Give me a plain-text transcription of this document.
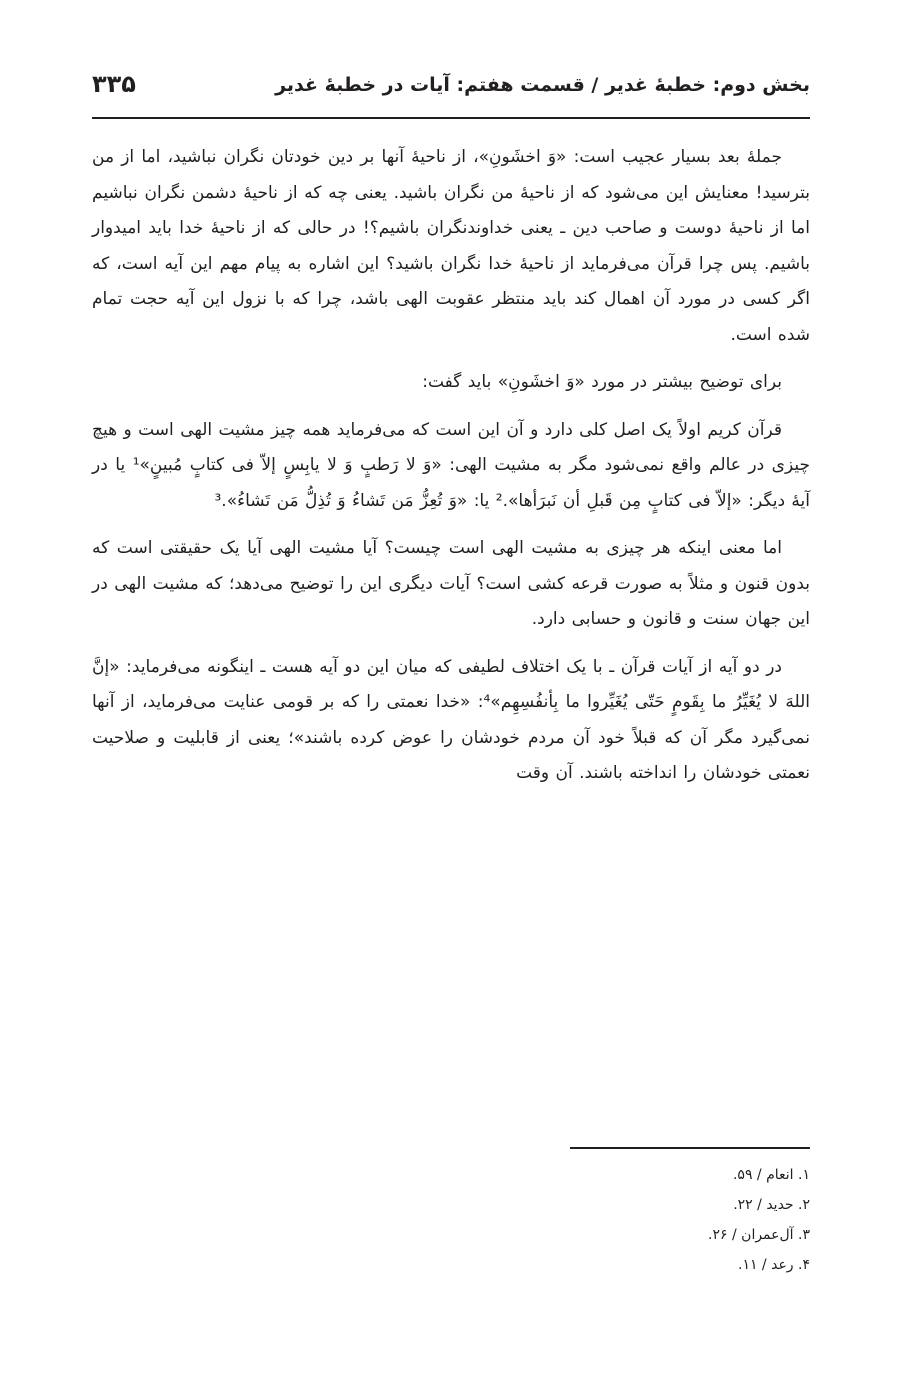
بخش دوم: خطبهٔ غدیر / قسمت هفتم: آیات در خطبهٔ غدیر
۳۳۵

جملهٔ بعد بسیار عجیب است: «وَ اخشَونِ»، از ناحیهٔ آنها بر دین خودتان نگران نباشید، اما از من بترسید! معنایش این می‌شود که از ناحیهٔ من نگران باشید. یعنی چه که از ناحیهٔ دشمن نگران نباشیم اما از ناحیهٔ دوست و صاحب دین ـ یعنی خداوندنگران باشیم؟! در حالی که از ناحیهٔ خدا باید امیدوار باشیم. پس چرا قرآن می‌فرماید از ناحیهٔ خدا نگران باشید؟ این اشاره به پیام مهم این آیه است، که اگر کسی در مورد آن اهمال کند باید منتظر عقوبت الهی باشد، چرا که با نزول این آیه حجت تمام شده است.

برای توضیح بیشتر در مورد «وَ اخشَونِ» باید گفت:

قرآن کریم اولاً یک اصل کلی دارد و آن این است که می‌فرماید همه چیز مشیت الهی است و هیچ چیزی در عالم واقع نمی‌شود مگر به مشیت الهی: «وَ لا رَطبٍ وَ لا یابِسٍ إلاّ فی کتابٍ مُبینٍ»¹ یا در آیهٔ دیگر: «إلاّ فی کتابٍ مِن قَبلِ أن نَبرَأها».² یا: «وَ تُعِزُّ مَن تَشاءُ وَ تُذِلُّ مَن تَشاءُ».³

اما معنی اینکه هر چیزی به مشیت الهی است چیست؟ آیا مشیت الهی آیا یک حقیقتی است که بدون قنون و مثلاً به صورت قرعه کشی است؟ آیات دیگری این را توضیح می‌دهد؛ که مشیت الهی در این جهان سنت و قانون و حسابی دارد.

در دو آیه از آیات قرآن ـ با یک اختلاف لطیفی که میان این دو آیه هست ـ اینگونه می‌فرماید: «إنَّ اللهَ لا یُغَیِّرُ ما بِقَومٍ حَتّی یُغَیِّروا ما بِأنفُسِهِم»⁴: «خدا نعمتی را که بر قومی عنایت می‌فرماید، از آنها نمی‌گیرد مگر آن که قبلاً خود آن مردم خودشان را عوض کرده باشند»؛ یعنی از قابلیت و صلاحیت نعمتی خودشان را انداخته باشند. آن وقت

۱. انعام / ۵۹.
۲. حدید / ۲۲.
۳. آل‌عمران / ۲۶.
۴. رعد / ۱۱.
